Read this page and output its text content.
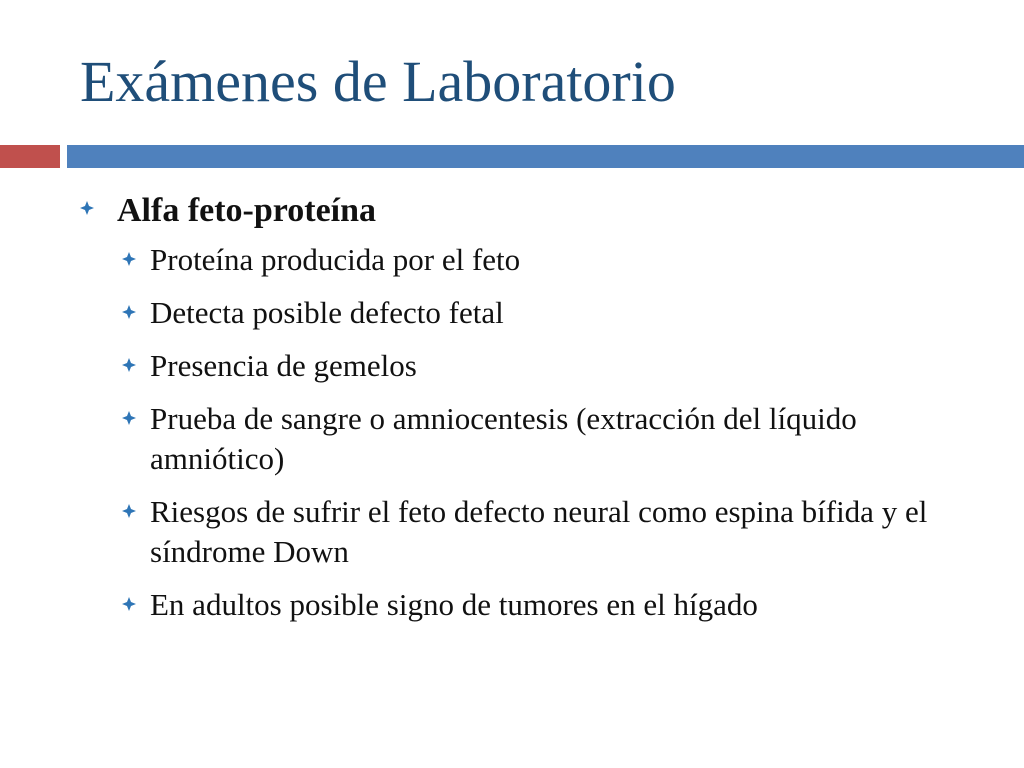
Exámenes de Laboratorio
Alfa feto-proteína
Proteína producida por el feto
Detecta posible defecto fetal
Presencia de gemelos
Prueba de sangre o amniocentesis (extracción del líquido amniótico)
Riesgos de sufrir el feto defecto neural como espina bífida y el síndrome Down
En adultos posible signo de tumores en el hígado
